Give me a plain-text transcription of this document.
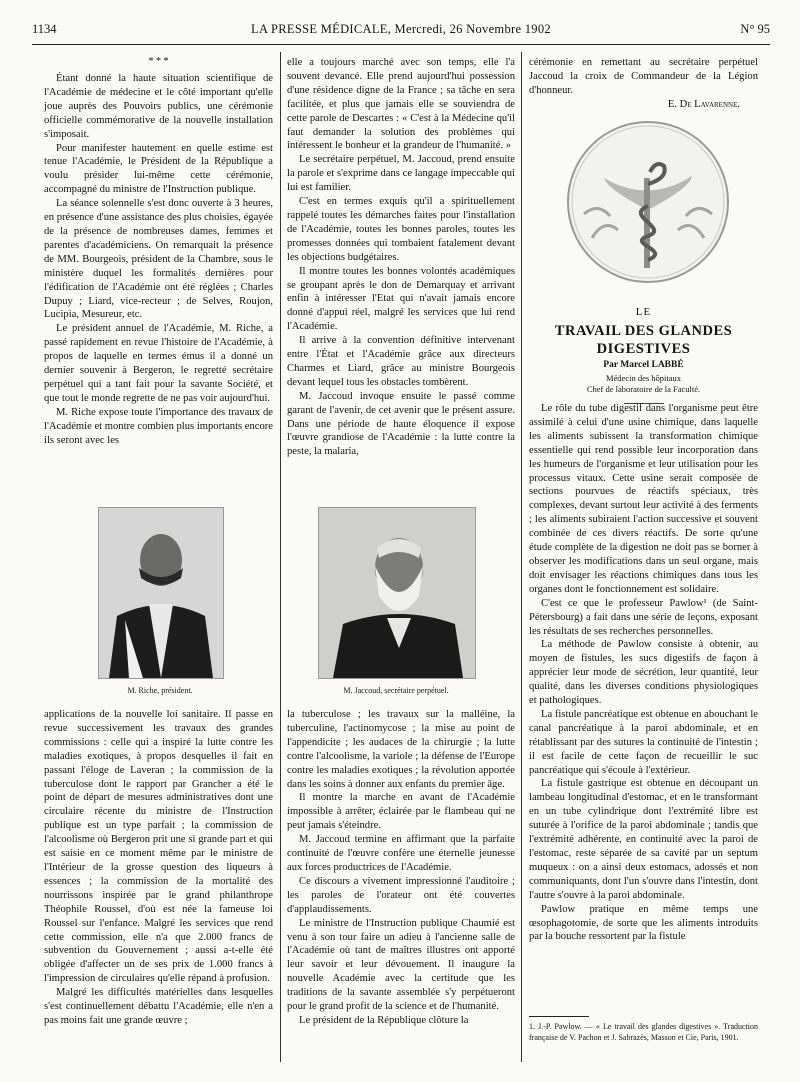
1134	LA PRESSE MÉDICALE, Mercredi, 26 Novembre 1902	N° 95
* * *

Étant donné la haute situation scientifique de l'Académie de médecine et le côté important qu'elle joue auprès des Pouvoirs publics, une cérémonie officielle commémorative de la nouvelle installation s'imposait.

Pour manifester hautement en quelle estime est tenue l'Académie, le Président de la République a voulu présider lui-même cette cérémonie, accompagné du ministre de l'Instruction publique.

La séance solennelle s'est donc ouverte à 3 heures, en présence d'une assistance des plus choisies, égayée de la présence de nombreuses dames, femmes et parentes d'académiciens. On remarquait la présence de MM. Bourgeois, président de la Chambre, sous le ministère duquel les formalités dernières pour l'édification de l'Académie ont été réglées ; Charles Dupuy ; Liard, vice-recteur ; de Selves, Roujon, Lucipia, Mesureur, etc.

Le président annuel de l'Académie, M. Riche, a passé rapidement en revue l'histoire de l'Académie, à propos de laquelle en termes émus il a donné un dernier souvenir à Bergeron, le regretté secrétaire perpétuel qui a tant fait pour la savante Société, et que tout le monde regrette de ne pas voir aujourd'hui.

M. Riche expose toute l'importance des travaux de l'Académie et montre combien plus importants encore ils seront avec les

elle a toujours marché avec son temps, elle l'a souvent devancé. Elle prend aujourd'hui possession d'une résidence digne de la France ; sa tâche en sera facilitée, et plus que jamais elle se souviendra de cette parole de Descartes : « C'est à la Médecine qu'il faut demander la solution des problèmes qui intéressent le bonheur et la grandeur de l'humanité. »

Le secrétaire perpétuel, M. Jaccoud, prend ensuite la parole et s'exprime dans ce langage impeccable qui lui est familier.

C'est en termes exquis qu'il a spirituellement rappelé toutes les démarches faites pour l'installation de l'Académie, toutes les bonnes paroles, toutes les promesses données qui tombaient fatalement devant les objections budgétaires.

Il montre toutes les bonnes volontés académiques se groupant après le don de Demarquay et arrivant enfin à intéresser l'Etat qui n'avait jamais encore donné d'appui réel, malgré les services que lui rend l'Académie.

Il arrive à la convention définitive intervenant entre l'État et l'Académie grâce aux directeurs Charmes et Liard, grâce au ministre Bourgeois devant lequel tous les obstacles tombèrent.

M. Jaccoud invoque ensuite le passé comme garant de l'avenir, de cet avenir que le présent assure. Dans une période de haute éloquence il expose l'œuvre grandiose de l'Académie : la lutte contre la peste, la malaria,

M. Riche, président.	M. Jaccoud, secrétaire perpétuel.

applications de la nouvelle loi sanitaire. Il passe en revue successivement les travaux des grandes commissions : celle qui a inspiré la lutte contre les maladies exotiques, à propos desquelles il fait en passant l'éloge de Laveran ; la commission de la tuberculose dont le rapport par Grancher a été le point de départ de mesures administratives dont une circulaire récente du ministre de l'Instruction publique est un type parfait ; la commission de l'alcoolisme où Bergeron prit une si grande part et qui est saisie en ce moment même par le ministre de l'Intérieur de la grosse question des liqueurs à essences ; la commission de la mortalité des nourrissons inspirée par le grand philanthrope Théophile Roussel, d'où est née la fameuse loi Roussel sur l'enfance. Malgré les services que rend cette commission, elle n'a que 2.000 francs de subvention du Gouvernement ; aussi a-t-elle été obligée d'affecter un de ses prix de 1.000 francs à l'impression de circulaires qu'elle répand à profusion.

Malgré les difficultés matérielles dans lesquelles s'est continuellement débattu l'Académie, elle n'en a pas moins fait une grande œuvre ;

la tuberculose ; les travaux sur la malléine, la tuberculine, l'actinomycose ; la mise au point de l'appendicite ; les audaces de la chirurgie ; la lutte contre l'alcoolisme, la variole ; la défense de l'Europe contre les maladies exotiques ; la révolution apportée dans les soins à donner aux enfants du premier âge.

Il montre la marche en avant de l'Académie impossible à arrêter, éclairée par le flambeau qui ne peut jamais s'éteindre.

M. Jaccoud termine en affirmant que la parfaite continuité de l'œuvre confère une éternelle jeunesse aux forces productrices de l'Académie.

Ce discours a vivement impressionné l'auditoire ; les paroles de l'orateur ont été couvertes d'applaudissements.

Le ministre de l'Instruction publique Chaumié est venu à son tour faire un adieu à l'ancienne salle de l'Académie où tant de maîtres illustres ont apporté leur savoir et leur dévouement. Il inaugure la nouvelle Académie avec la certitude que les traditions de la savante assemblée s'y perpétueront pour le grand profit de la science et de l'humanité.

Le président de la République clôture la

cérémonie en remettant au secrétaire perpétuel Jaccoud la croix de Commandeur de la Légion d'honneur.

E. De Lavarenne.
LE
TRAVAIL DES GLANDES DIGESTIVES
Par Marcel LABBÉ
Médecin des hôpitaux
Chef de laboratoire de la Faculté.

Le rôle du tube digestif dans l'organisme peut être assimilé à celui d'une usine chimique, dans laquelle les aliments subissent la transformation chimique essentielle qui rend possible leur incorporation dans les humeurs de l'organisme et leur utilisation pour les processus vitaux. Cette usine serait composée de sections pourvues de réactifs spéciaux, très complexes, devant surtout leur activité à des ferments ; les aliments subiraient l'action successive et souvent combinée de ces divers réactifs. De sorte qu'une étude complète de la digestion ne doit pas se borner à observer les modifications dans un seul organe, mais doit envisager les réactions chimiques dans tous les organes dont le fonctionnement est solidaire.

C'est ce que le professeur Pawlow¹ (de Saint-Pétersbourg) a fait dans une série de leçons, exposant les résultats de ses recherches personnelles.

La méthode de Pawlow consiste à obtenir, au moyen de fistules, les sucs digestifs de façon à apprécier leur mode de sécrétion, leur quantité, leur qualité, dans les diverses conditions physiologiques et pathologiques.

La fistule pancréatique est obtenue en abouchant le canal pancréatique à la paroi abdominale, et en rétablissant par des sutures la continuité de l'intestin ; il est facile de cette façon de recueillir le suc pancréatique qui s'écoule à l'extérieur.

La fistule gastrique est obtenue en découpant un lambeau longitudinal d'estomac, et en le transformant en un tube cylindrique dont l'extrémité libre est suturée à l'orifice de la paroi abdominale ; tandis que l'extrémité adhérente, en continuité avec la paroi de l'estomac, reste séparée de sa cavité par un septum muqueux : on a ainsi deux estomacs, adossés et non communiquants, dont l'un s'ouvre dans l'intestin, dont l'autre s'ouvre à la paroi abdominale.

Pawlow pratique en même temps une œsophagotomie, de sorte que les aliments introduits par la bouche ressortent par la fistule

1. J.-P. Pawlow. — « Le travail des glandes digestives ». Traduction française de V. Pachon et J. Sabrazès, Masson et Cie, Paris, 1901.
